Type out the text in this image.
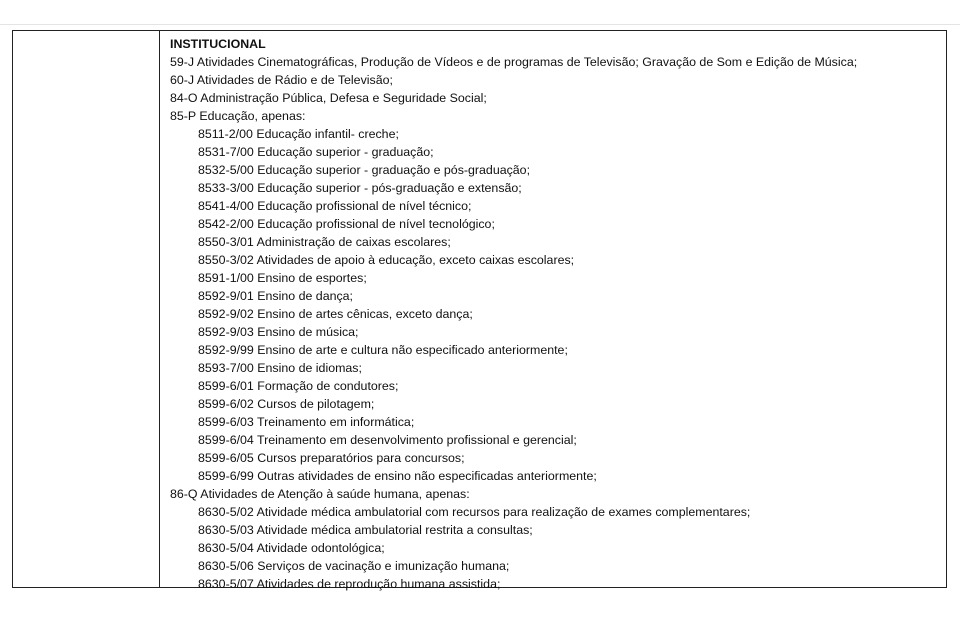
INSTITUCIONAL
59-J Atividades Cinematográficas, Produção de Vídeos e de programas de Televisão; Gravação de Som e Edição de Música;
60-J Atividades de Rádio e de Televisão;
84-O Administração Pública, Defesa e Seguridade Social;
85-P Educação, apenas:
8511-2/00 Educação infantil- creche;
8531-7/00 Educação superior - graduação;
8532-5/00 Educação superior - graduação e pós-graduação;
8533-3/00 Educação superior - pós-graduação e extensão;
8541-4/00 Educação profissional de nível técnico;
8542-2/00 Educação profissional de nível tecnológico;
8550-3/01 Administração de caixas escolares;
8550-3/02 Atividades de apoio à educação, exceto caixas escolares;
8591-1/00 Ensino de esportes;
8592-9/01 Ensino de dança;
8592-9/02 Ensino de artes cênicas, exceto dança;
8592-9/03 Ensino de música;
8592-9/99 Ensino de arte e cultura não especificado anteriormente;
8593-7/00 Ensino de idiomas;
8599-6/01 Formação de condutores;
8599-6/02 Cursos de pilotagem;
8599-6/03 Treinamento em informática;
8599-6/04 Treinamento em desenvolvimento profissional e gerencial;
8599-6/05 Cursos preparatórios para concursos;
8599-6/99 Outras atividades de ensino não especificadas anteriormente;
86-Q Atividades de Atenção à saúde humana, apenas:
8630-5/02 Atividade médica ambulatorial com recursos para realização de exames complementares;
8630-5/03 Atividade médica ambulatorial restrita a consultas;
8630-5/04 Atividade odontológica;
8630-5/06 Serviços de vacinação e imunização humana;
8630-5/07 Atividades de reprodução humana assistida;
